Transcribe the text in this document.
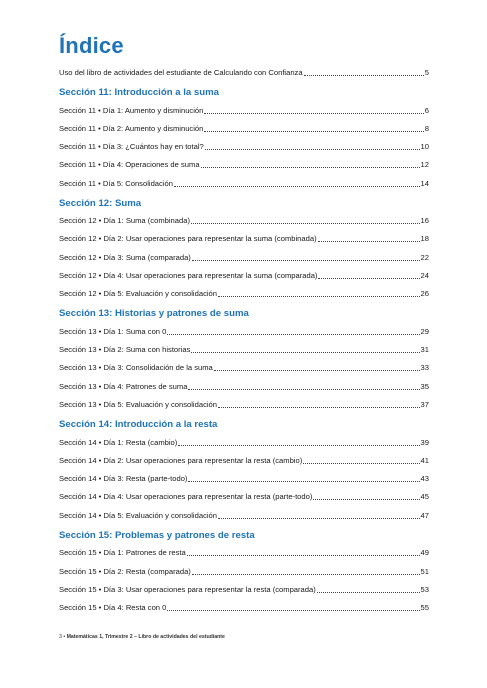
Índice
Uso del libro de actividades del estudiante de Calculando con Confianza	5
Sección 11: Introducción a la suma
Sección 11 • Día 1: Aumento y disminución	6
Sección 11 • Día 2: Aumento y disminución	8
Sección 11 • Día 3: ¿Cuántos hay en total?	10
Sección 11 • Día 4: Operaciones de suma	12
Sección 11 • Día 5: Consolidación	14
Sección 12: Suma
Sección 12 • Día 1: Suma (combinada)	16
Sección 12 • Día 2: Usar operaciones para representar la suma (combinada)	18
Sección 12 • Día 3: Suma (comparada)	22
Sección 12 • Día 4: Usar operaciones para representar la suma (comparada)	24
Sección 12 • Día 5: Evaluación y consolidación	26
Sección 13: Historias y patrones de suma
Sección 13 • Día 1: Suma con 0	29
Sección 13 • Día 2: Suma con historias	31
Sección 13 • Día 3: Consolidación de la suma	33
Sección 13 • Día 4: Patrones de suma	35
Sección 13 • Día 5: Evaluación y consolidación	37
Sección 14: Introducción a la resta
Sección 14 • Día 1: Resta (cambio)	39
Sección 14 • Día 2: Usar operaciones para representar la resta (cambio)	41
Sección 14 • Día 3: Resta (parte-todo)	43
Sección 14 • Día 4: Usar operaciones para representar la resta (parte-todo)	45
Sección 14 • Día 5: Evaluación y consolidación	47
Sección 15: Problemas y patrones de resta
Sección 15 • Día 1: Patrones de resta	49
Sección 15 • Día 2: Resta (comparada)	51
Sección 15 • Día 3: Usar operaciones para representar la resta (comparada)	53
Sección 15 • Día 4: Resta con 0	55
3 • Matemáticas 1, Trimestre 2 – Libro de actividades del estudiante
